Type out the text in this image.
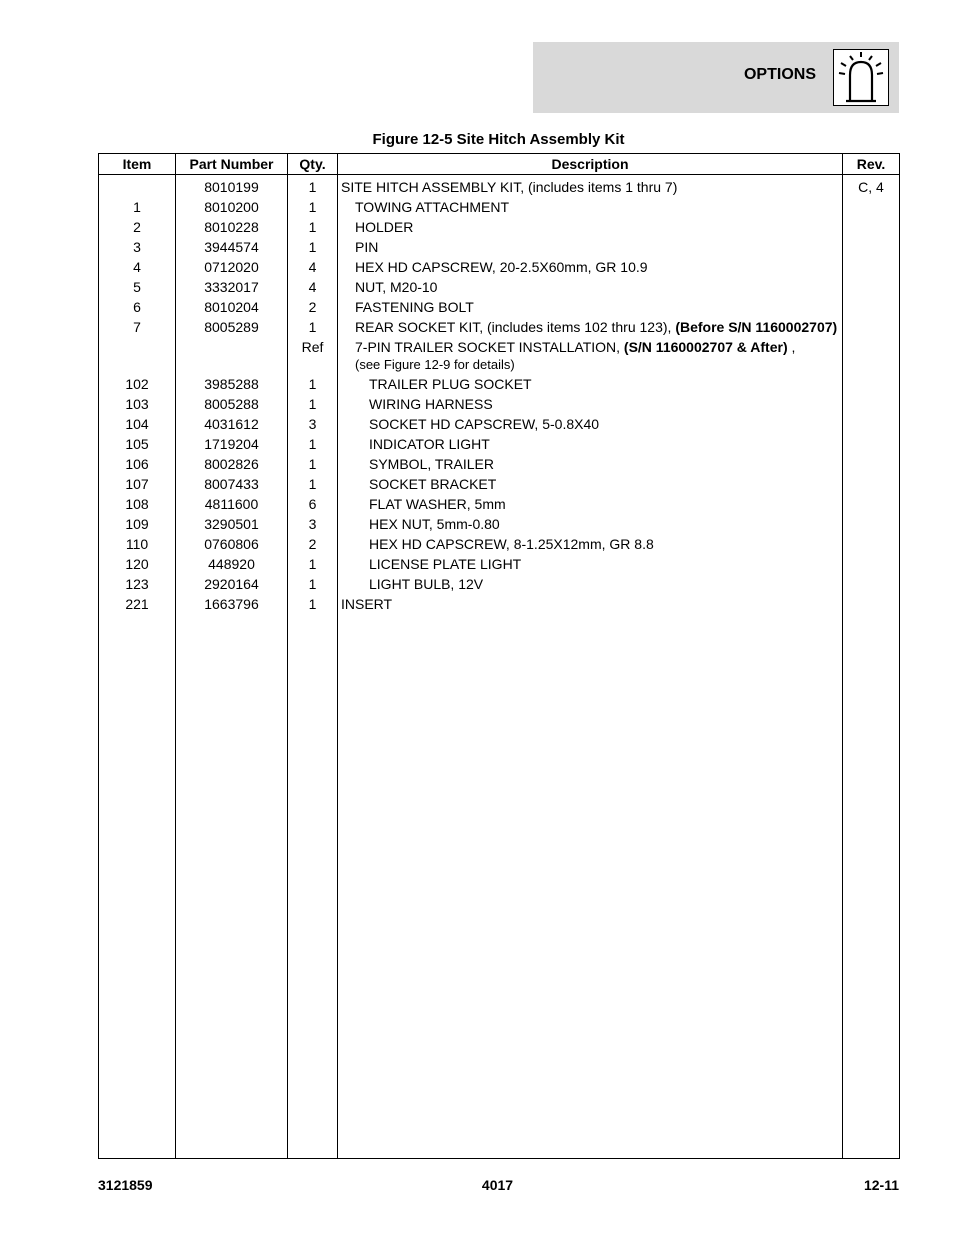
OPTIONS
Figure 12-5 Site Hitch Assembly Kit
Item	Part Number	Qty.	Description	Rev.
	8010199	1	SITE HITCH ASSEMBLY KIT, (includes items 1 thru 7)	C, 4
1	8010200	1	TOWING ATTACHMENT	
2	8010228	1	HOLDER	
3	3944574	1	PIN	
4	0712020	4	HEX HD CAPSCREW, 20-2.5X60mm, GR 10.9	
5	3332017	4	NUT, M20-10	
6	8010204	2	FASTENING BOLT	
7	8005289	1	REAR SOCKET KIT, (includes items 102 thru 123), (Before S/N 1160002707)	
		Ref	7-PIN TRAILER SOCKET INSTALLATION, (S/N 1160002707 & After) ,
(see Figure 12-9 for details)	

102	3985288	1	TRAILER PLUG SOCKET	
103	8005288	1	WIRING HARNESS	
104	4031612	3	SOCKET HD CAPSCREW, 5-0.8X40	
105	1719204	1	INDICATOR LIGHT	
106	8002826	1	SYMBOL, TRAILER	
107	8007433	1	SOCKET BRACKET	
108	4811600	6	FLAT WASHER, 5mm	
109	3290501	3	HEX NUT, 5mm-0.80	
110	0760806	2	HEX HD CAPSCREW, 8-1.25X12mm, GR 8.8	
120	448920	1	LICENSE PLATE LIGHT	
123	2920164	1	LIGHT BULB, 12V	
221	1663796	1	INSERT	

3121859	4017	12-11
